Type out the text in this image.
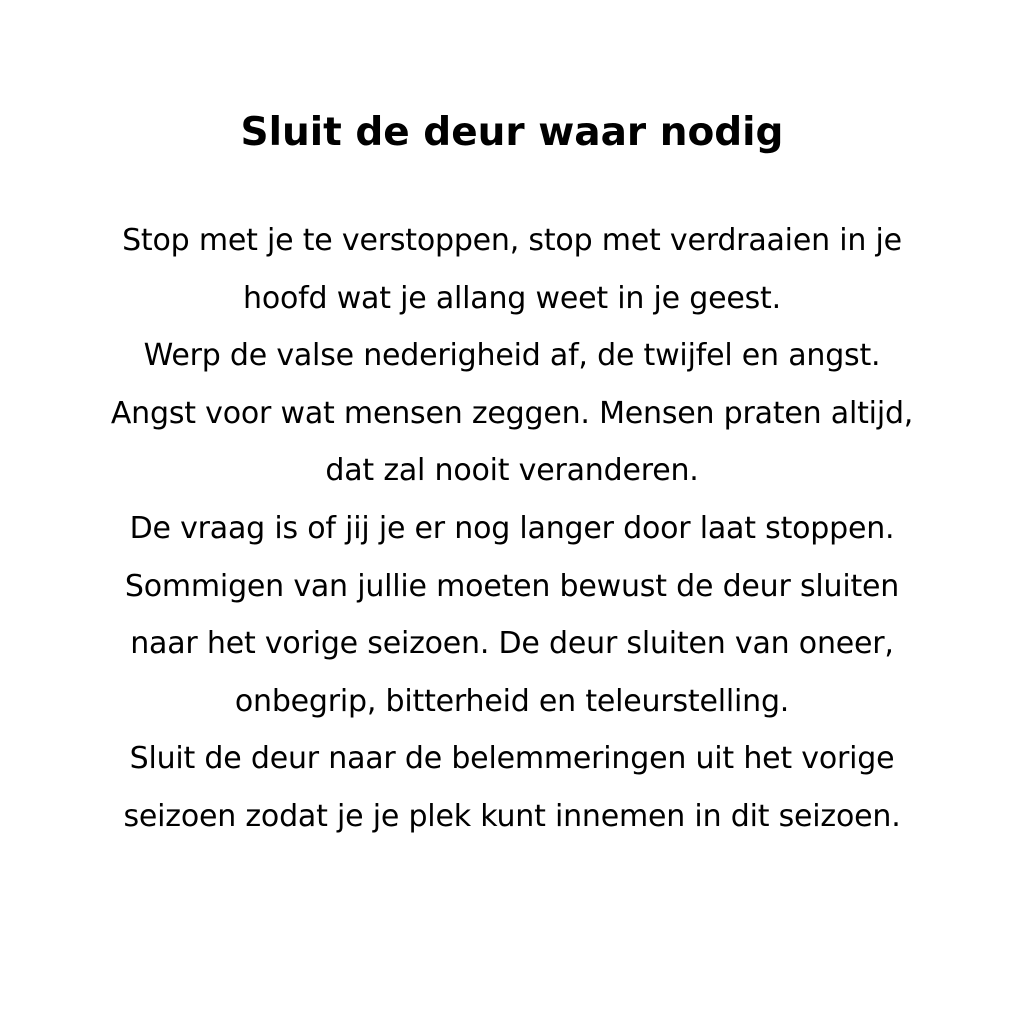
Sluit de deur waar nodig
Stop met je te verstoppen, stop met verdraaien in je
hoofd wat je allang weet in je geest.
Werp de valse nederigheid af, de twijfel en angst.
Angst voor wat mensen zeggen. Mensen praten altijd,
dat zal nooit veranderen.
De vraag is of jij je er nog langer door laat stoppen.
Sommigen van jullie moeten bewust de deur sluiten
naar het vorige seizoen. De deur sluiten van oneer,
onbegrip, bitterheid en teleurstelling.
Sluit de deur naar de belemmeringen uit het vorige
seizoen zodat je je plek kunt innemen in dit seizoen.
